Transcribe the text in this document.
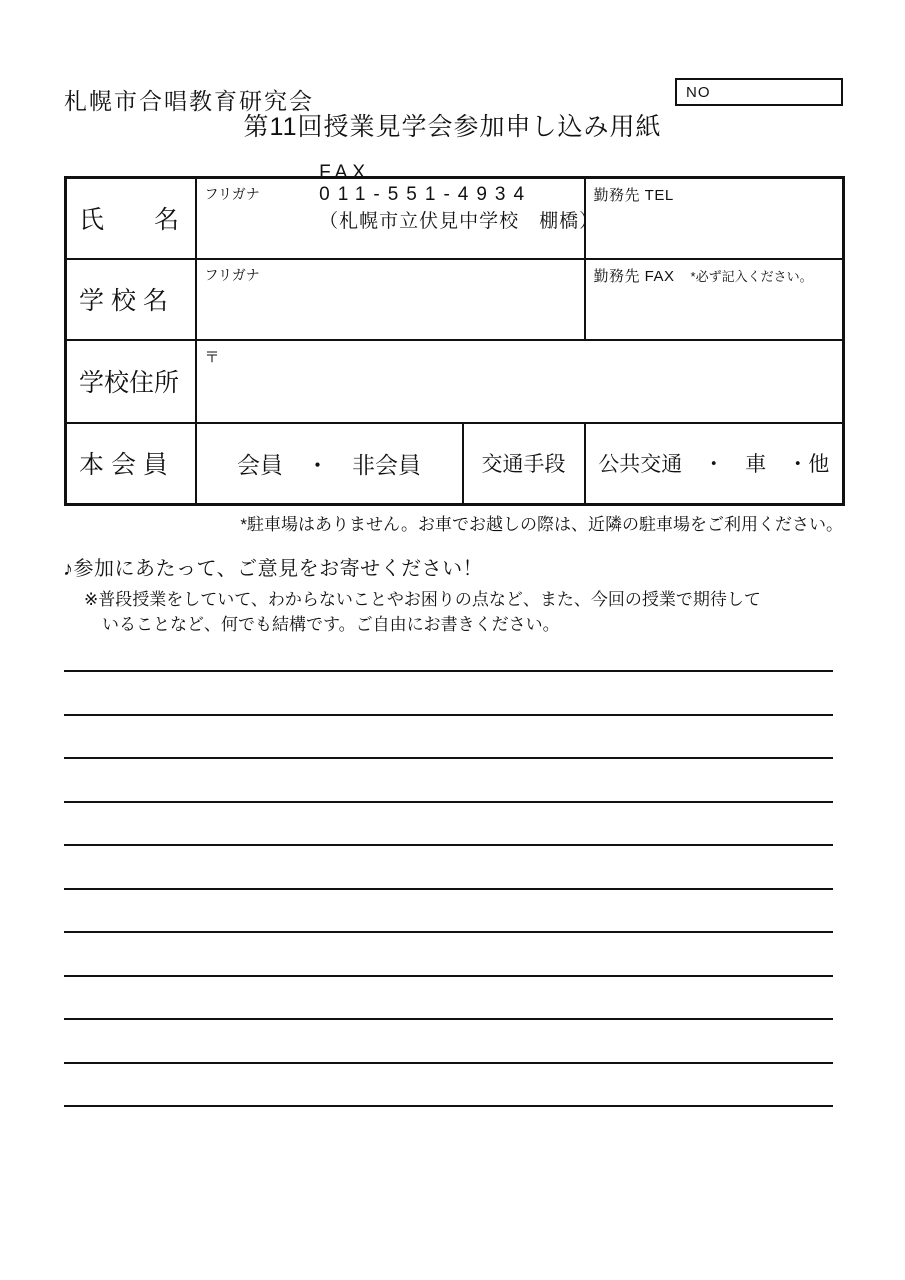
札幌市合唱教育研究会	NO
第11回授業見学会参加申し込み用紙

FAX
011-551-4934
（札幌市立伏見中学校　棚橋）

氏　　名	フリガナ		勤務先 TEL
学 校 名	フリガナ		勤務先 FAX *必ず記入ください。
学校住所	〒		
本 会 員	会員　・　非会員	交通手段	公共交通　・　車　・他
*駐車場はありません。お車でお越しの際は、近隣の駐車場をご利用ください。
♪参加にあたって、ご意見をお寄せください！
※普段授業をしていて、わからないことやお困りの点など、また、今回の授業で期待して
いることなど、何でも結構です。ご自由にお書きください。
